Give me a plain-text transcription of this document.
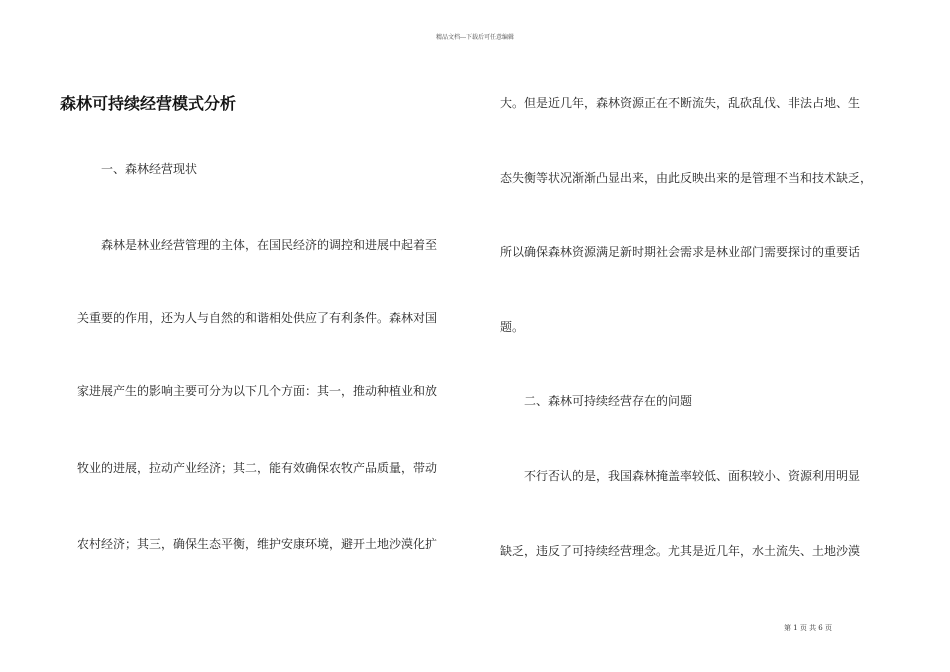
精品文档---下载后可任意编辑
森林可持续经营模式分析
　　一、森林经营现状
　　森林是林业经营管理的主体，在国民经济的调控和进展中起着至
关重要的作用，还为人与自然的和谐相处供应了有利条件。森林对国
家进展产生的影响主要可分为以下几个方面：其一，推动种植业和放
牧业的进展，拉动产业经济；其二，能有效确保农牧产品质量，带动
农村经济；其三，确保生态平衡，维护安康环境，避开土地沙漠化扩
大。但是近几年，森林资源正在不断流失，乱砍乱伐、非法占地、生
态失衡等状况渐渐凸显出来，由此反映出来的是管理不当和技术缺乏，
所以确保森林资源满足新时期社会需求是林业部门需要探讨的重要话
题。
　　二、森林可持续经营存在的问题
　　不行否认的是，我国森林掩盖率较低、面积较小、资源利用明显
缺乏，违反了可持续经营理念。尤其是近几年，水土流失、土地沙漠
第 1 页 共 6 页
